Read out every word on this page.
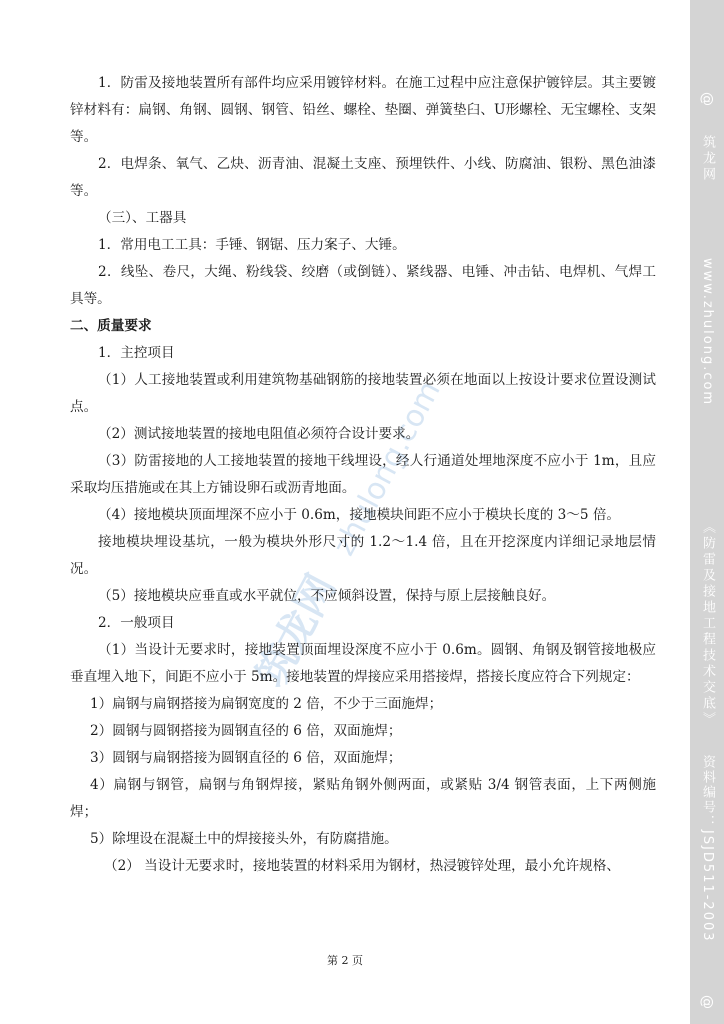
筑龙网
zhulong.com

1．防雷及接地装置所有部件均应采用镀锌材料。在施工过程中应注意保护镀锌层。其主要镀锌材料有：扁钢、角钢、圆钢、钢管、铅丝、螺栓、垫圈、弹簧垫臼、U形螺栓、无宝螺栓、支架等。

2．电焊条、氧气、乙炔、沥青油、混凝土支座、预埋铁件、小线、防腐油、银粉、黑色油漆等。

（三）、工器具

1．常用电工工具：手锤、钢锯、压力案子、大锤。

2．线坠、卷尺，大绳、粉线袋、绞磨（或倒链）、紧线器、电锤、冲击钻、电焊机、气焊工具等。

二、质量要求

1．主控项目

（1）人工接地装置或利用建筑物基础钢筋的接地装置必须在地面以上按设计要求位置设测试点。

（2）测试接地装置的接地电阻值必须符合设计要求。

（3）防雷接地的人工接地装置的接地干线埋设，经人行通道处埋地深度不应小于 1m，且应采取均压措施或在其上方铺设卵石或沥青地面。

（4）接地模块顶面埋深不应小于 0.6m，接地模块间距不应小于模块长度的 3～5 倍。

接地模块埋设基坑，一般为模块外形尺寸的 1.2～1.4 倍，且在开挖深度内详细记录地层情况。

（5）接地模块应垂直或水平就位，不应倾斜设置，保持与原上层接触良好。

2．一般项目

（1）当设计无要求时，接地装置顶面埋设深度不应小于 0.6m。圆钢、角钢及钢管接地极应垂直埋入地下，间距不应小于 5m。接地装置的焊接应采用搭接焊，搭接长度应符合下列规定：

1）扁钢与扁钢搭接为扁钢宽度的 2 倍，不少于三面施焊；

2）圆钢与圆钢搭接为圆钢直径的 6 倍，双面施焊；

3）圆钢与扁钢搭接为圆钢直径的 6 倍，双面施焊；

4）扁钢与钢管，扁钢与角钢焊接，紧贴角钢外侧两面，或紧贴 3/4 钢管表面，上下两侧施焊；

5）除埋设在混凝土中的焊接接头外，有防腐措施。

（2） 当设计无要求时，接地装置的材料采用为钢材，热浸镀锌处理，最小允许规格、

第 2 页
@
筑龙网
www.zhulong.com
《防雷及接地工程技术交底》
资料编号：JSJD511-2003
@
